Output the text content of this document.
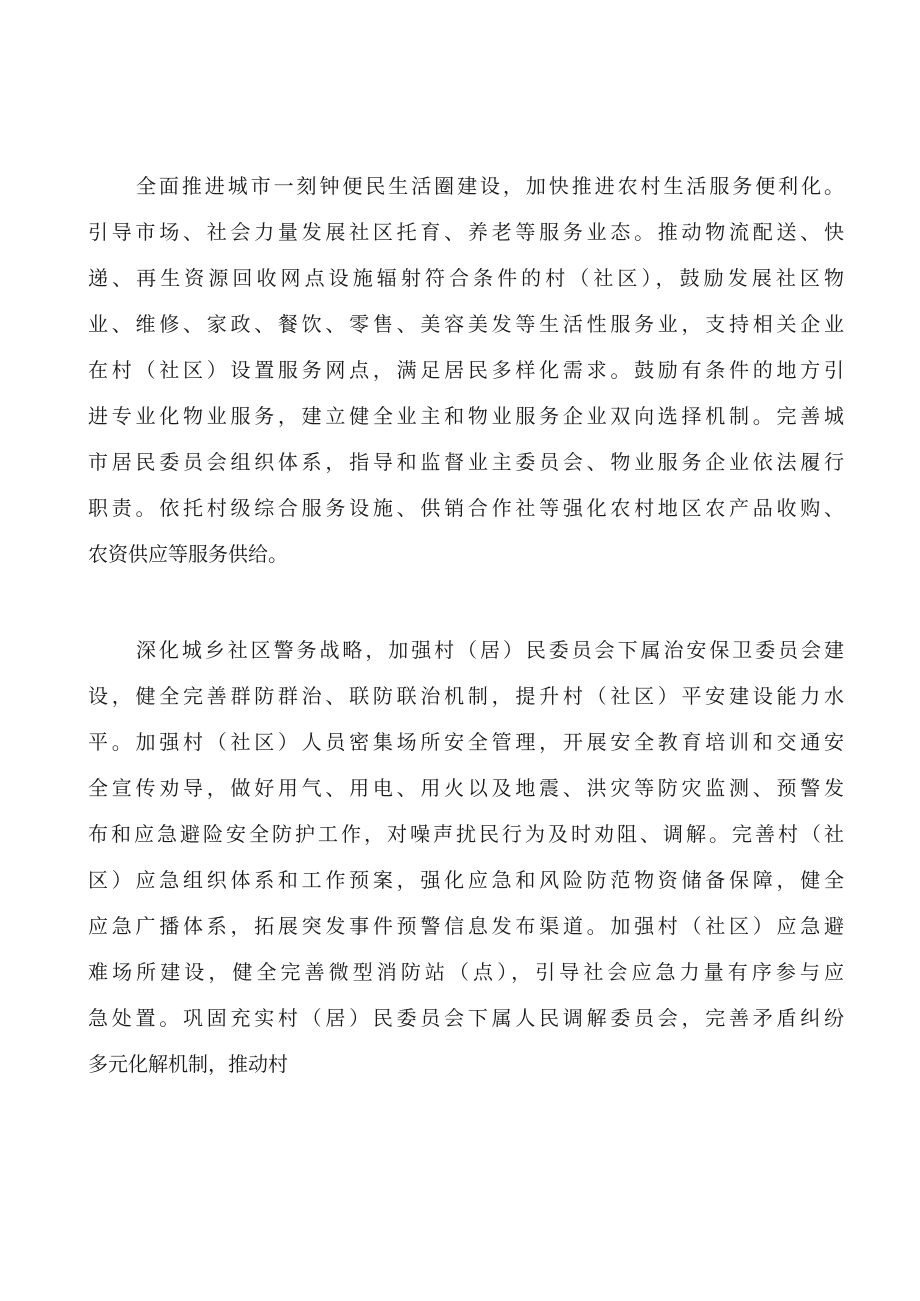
全面推进城市一刻钟便民生活圈建设，加快推进农村生活服务便利化。
引导市场、社会力量发展社区托育、养老等服务业态。推动物流配送、快
递、再生资源回收网点设施辐射符合条件的村（社区），鼓励发展社区物
业、维修、家政、餐饮、零售、美容美发等生活性服务业，支持相关企业
在村（社区）设置服务网点，满足居民多样化需求。鼓励有条件的地方引
进专业化物业服务，建立健全业主和物业服务企业双向选择机制。完善城
市居民委员会组织体系，指导和监督业主委员会、物业服务企业依法履行
职责。依托村级综合服务设施、供销合作社等强化农村地区农产品收购、
农资供应等服务供给。
深化城乡社区警务战略，加强村（居）民委员会下属治安保卫委员会建
设，健全完善群防群治、联防联治机制，提升村（社区）平安建设能力水
平。加强村（社区）人员密集场所安全管理，开展安全教育培训和交通安
全宣传劝导，做好用气、用电、用火以及地震、洪灾等防灾监测、预警发
布和应急避险安全防护工作，对噪声扰民行为及时劝阻、调解。完善村（社
区）应急组织体系和工作预案，强化应急和风险防范物资储备保障，健全
应急广播体系，拓展突发事件预警信息发布渠道。加强村（社区）应急避
难场所建设，健全完善微型消防站（点），引导社会应急力量有序参与应
急处置。巩固充实村（居）民委员会下属人民调解委员会，完善矛盾纠纷
多元化解机制，推动村
